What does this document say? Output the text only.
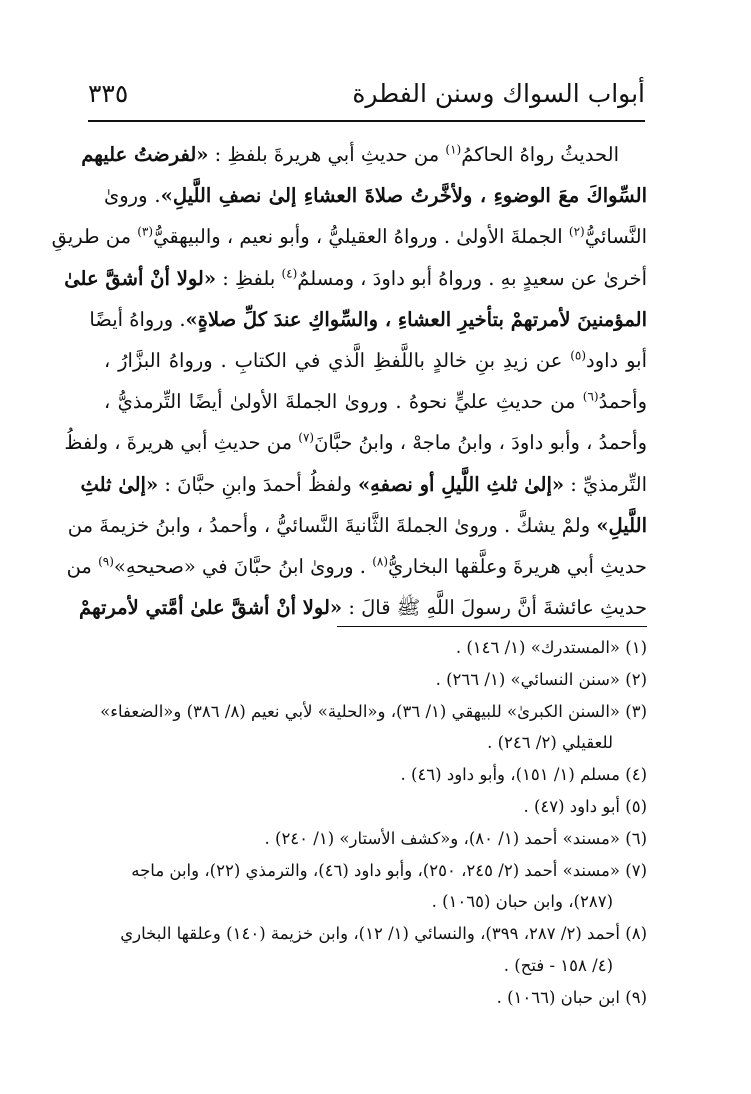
أبواب السواك وسنن الفطرة
٣٣٥
الحديثُ رواهُ الحاكمُ$^{(١)}$ من حديثِ أبي هريرةَ بلفظِ : «لفرضتُ عليهم
السِّواكَ معَ الوضوءِ ، ولأخَّرتُ صلاةَ العشاءِ إلىٰ نصفِ اللَّيلِ». وروىٰ
النَّسائيُّ$^{(٢)}$ الجملةَ الأولىٰ . ورواهُ العقيليُّ ، وأبو نعيم ، والبيهقيُّ$^{(٣)}$ من طريقِ
أخرىٰ عن سعيدٍ بهِ . ورواهُ أبو داودَ ، ومسلمٌ$^{(٤)}$ بلفظِ : «لولا أنْ أشقَّ علىٰ
المؤمنينَ لأمرتهمْ بتأخيرِ العشاءِ ، والسِّواكِ عندَ كلِّ صلاةٍ». ورواهُ أيضًا
أبو داود$^{(٥)}$ عن زيدِ بنِ خالدٍ باللَّفظِ الَّذي في الكتابِ . ورواهُ البزَّارُ ،
وأحمدُ$^{(٦)}$ من حديثِ عليٍّ نحوهُ . وروىٰ الجملةَ الأولىٰ أيضًا التِّرمذيُّ ،
وأحمدُ ، وأبو داودَ ، وابنُ ماجهْ ، وابنُ حبَّانَ$^{(٧)}$ من حديثِ أبي هريرةَ ، ولفظُ
التِّرمذيِّ : «إلىٰ ثلثِ اللَّيلِ أو نصفهِ» ولفظُ أحمدَ وابنِ حبَّانَ : «إلىٰ ثلثِ
اللَّيلِ» ولمْ يشكَّ . وروىٰ الجملةَ الثَّانيةَ النَّسائيُّ ، وأحمدُ ، وابنُ خزيمةَ من
حديثِ أبي هريرةَ وعلَّقها البخاريُّ$^{(٨)}$ . وروىٰ ابنُ حبَّانَ في «صحيحهِ»$^{(٩)}$ من
حديثِ عائشةَ أنَّ رسولَ اللَّهِ ﷺ قالَ : «لولا أنْ أشقَّ علىٰ أمَّتي لأمرتهمْ
(١) «المستدرك» (١/ ١٤٦) .
(٢) «سنن النسائي» (١/ ٢٦٦) .
(٣) «السنن الكبرىٰ» للبيهقي (١/ ٣٦)، و«الحلية» لأبي نعيم (٨/ ٣٨٦) و«الضعفاء»
للعقيلي (٢/ ٢٤٦) .
(٤) مسلم (١/ ١٥١)، وأبو داود (٤٦) .
(٥) أبو داود (٤٧) .
(٦) «مسند» أحمد (١/ ٨٠)، و«كشف الأستار» (١/ ٢٤٠) .
(٧) «مسند» أحمد (٢/ ٢٤٥، ٢٥٠)، وأبو داود (٤٦)، والترمذي (٢٢)، وابن ماجه
(٢٨٧)، وابن حبان (١٠٦٥) .
(٨) أحمد (٢/ ٢٨٧، ٣٩٩)، والنسائي (١/ ١٢)، وابن خزيمة (١٤٠) وعلقها البخاري
(٤/ ١٥٨ - فتح) .
(٩) ابن حبان (١٠٦٦) .
